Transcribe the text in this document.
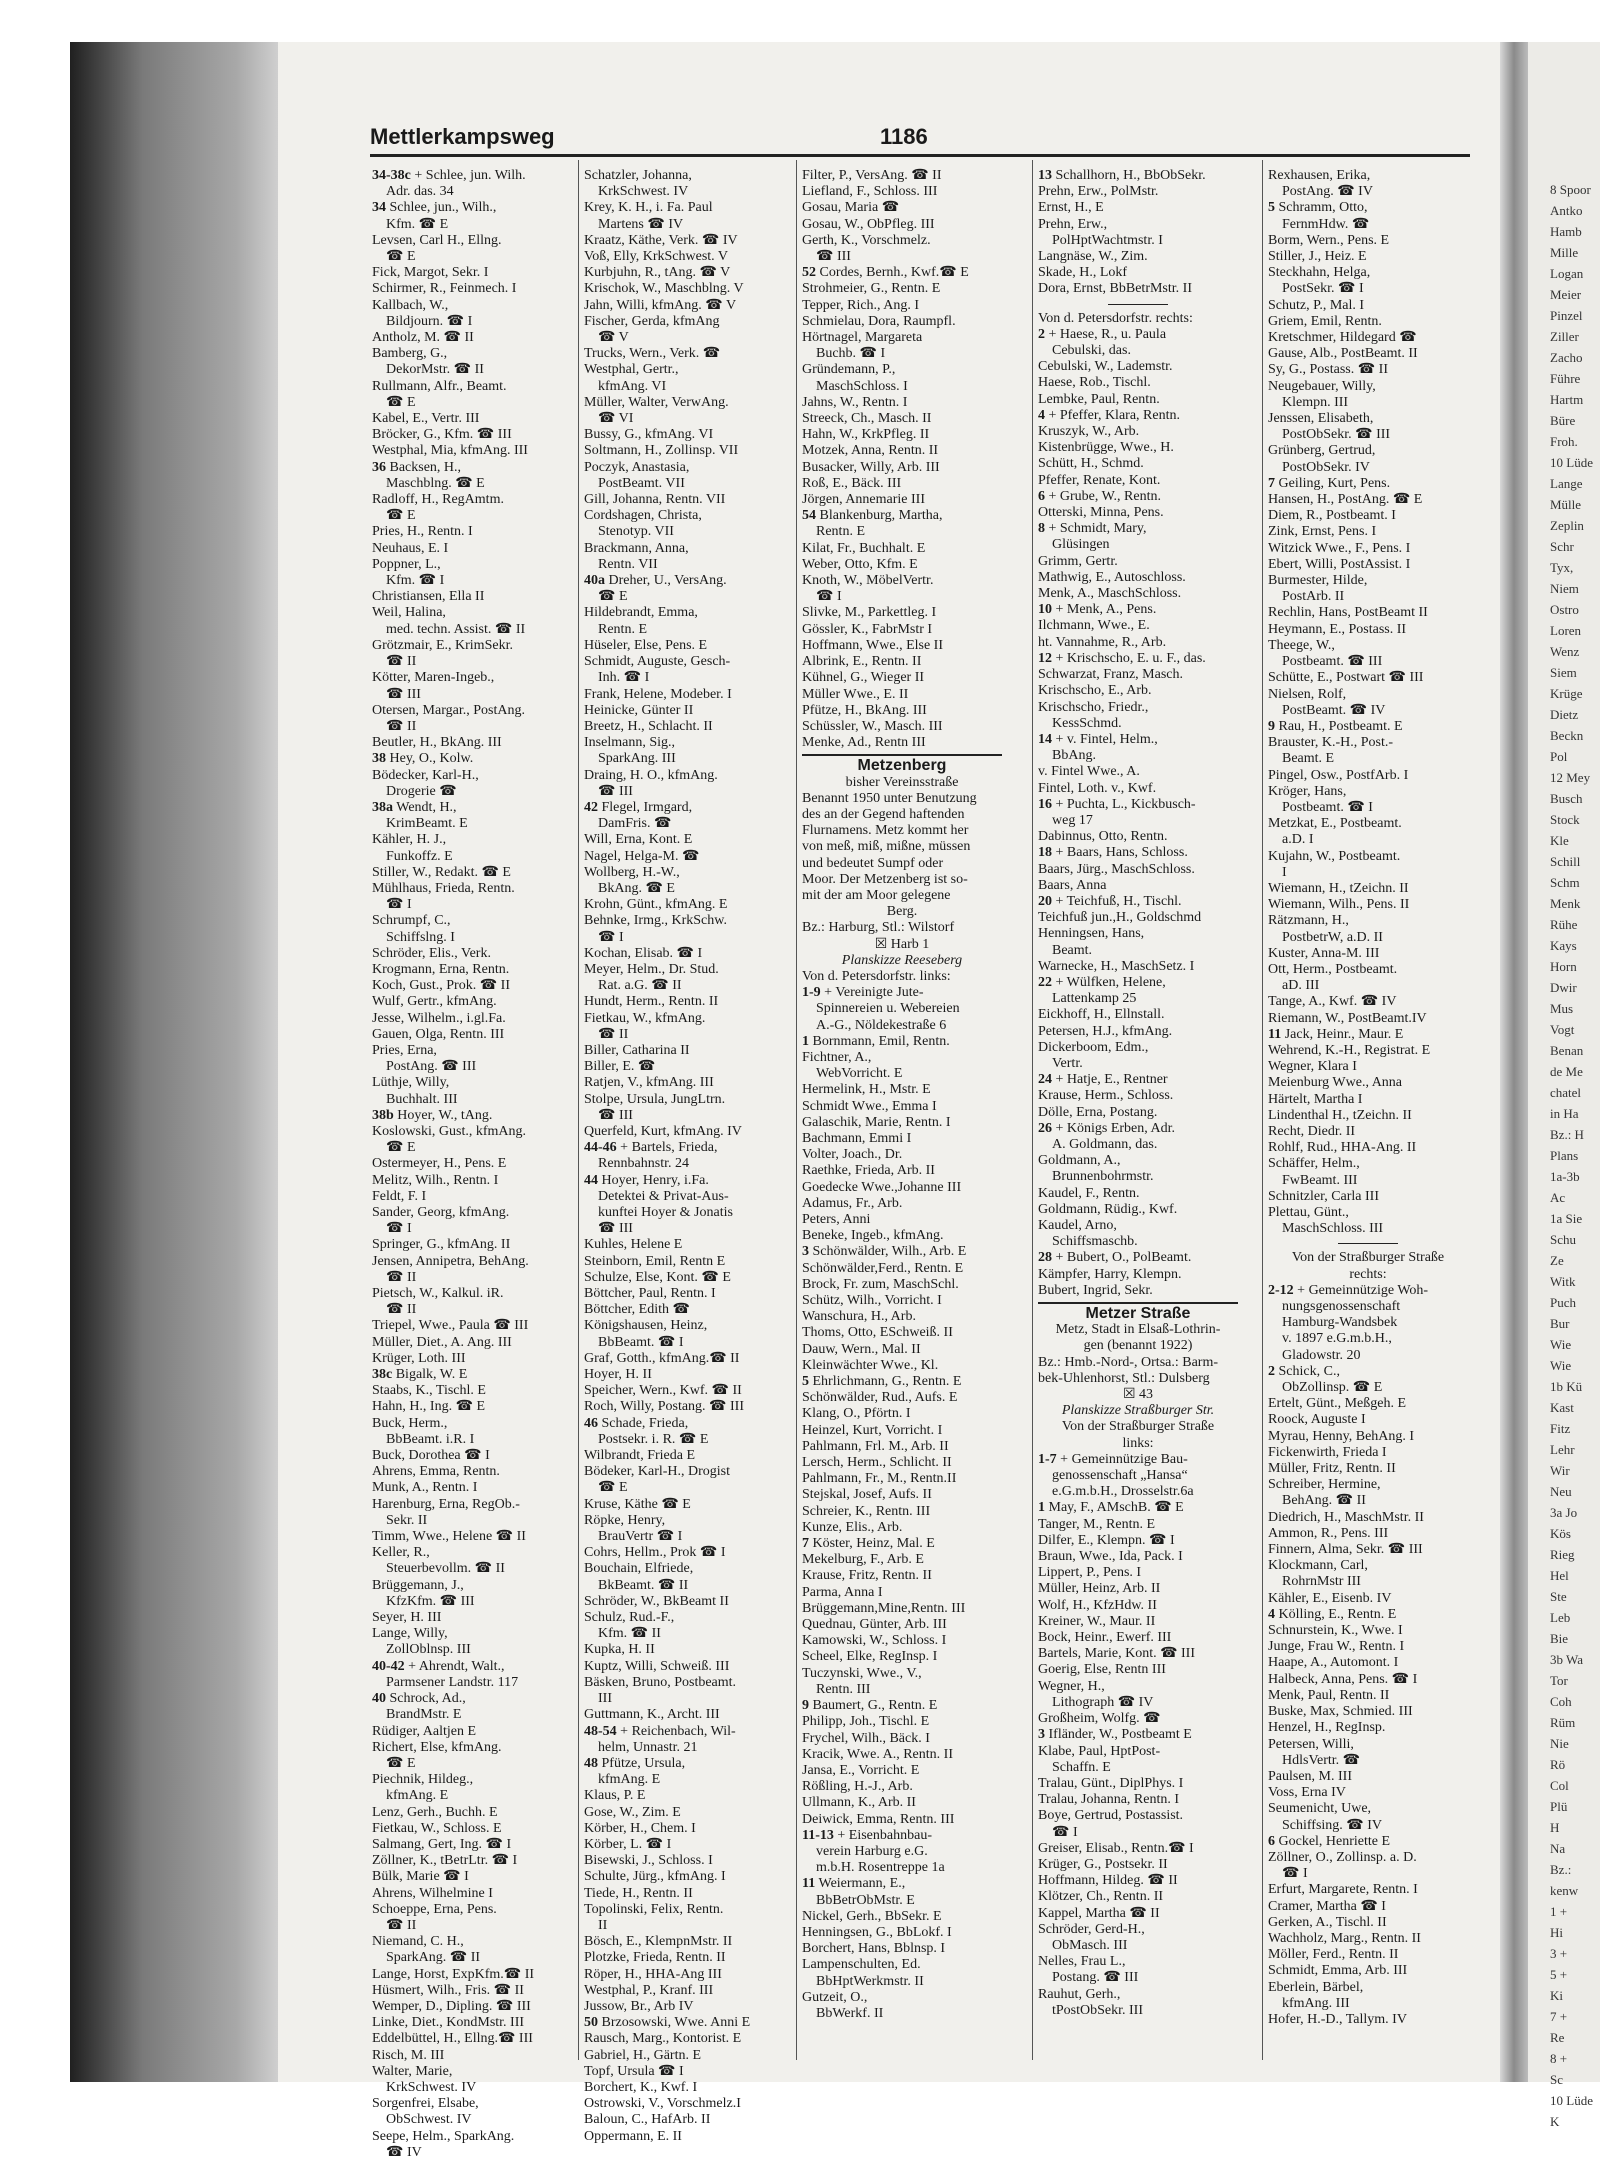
8 Spoor
Antko
Hamb
Mille
Logan
Meier
Pinzel
Ziller
Zacho
Führe
Hartm
Büre
Froh.
10 Lüde
Lange
Mülle
Zeplin
Schr
Tyx,
Niem
Ostro
Loren
Wenz
Siem
Krüge
Dietz
Beckn
Pol
12 Mey
Busch
Stock
Kle
Schill
Schm
Menk
Rühe
Kays
Horn
Dwir
Mus
Vogt
Benan
de Me
chatel
in Ha
Bz.: H
Plans
1a-3b
Ac
1a Sie
Schu
Ze
Witk
Puch
Bur
Wie
Wie
1b Kü
Kast
Fitz
Lehr
Wir
Neu
3a Jo
Kös
Rieg
Hel
Ste
Leb
Bie
3b Wa
Tor
Coh
Rüm
Nie
Rö
Col
Plü
H
Na
Bz.:
kenw
1 +
Hi
3 +
5 +
Ki
7 +
Re
8 +
Sc
10 Lüde
K
Mettlerkampsweg	1186
34-38c + Schlee, jun. Wilh.
 Adr. das. 34
34 Schlee, jun., Wilh.,
 Kfm. ☎ E
Levsen, Carl H., Ellng.
 ☎ E
Fick, Margot, Sekr. I
Schirmer, R., Feinmech. I
Kallbach, W.,
 Bildjourn. ☎ I
Antholz, M. ☎ II
Bamberg, G.,
 DekorMstr. ☎ II
Rullmann, Alfr., Beamt.
 ☎ E
Kabel, E., Vertr. III
Bröcker, G., Kfm. ☎ III
Westphal, Mia, kfmAng. III
36 Backsen, H.,
 Maschblng. ☎ E
Radloff, H., RegAmtm.
 ☎ E
Pries, H., Rentn. I
Neuhaus, E. I
Poppner, L.,
 Kfm. ☎ I
Christiansen, Ella II
Weil, Halina,
 med. techn. Assist. ☎ II
Grötzmair, E., KrimSekr.
 ☎ II
Kötter, Maren-Ingeb.,
 ☎ III
Otersen, Margar., PostAng.
 ☎ II
Beutler, H., BkAng. III
38 Hey, O., Kolw.
Bödecker, Karl-H.,
 Drogerie ☎
38a Wendt, H.,
 KrimBeamt. E
Kähler, H. J.,
 Funkoffz. E
Stiller, W., Redakt. ☎ E
Mühlhaus, Frieda, Rentn.
 ☎ I
Schrumpf, C.,
 Schiffslng. I
Schröder, Elis., Verk.
Krogmann, Erna, Rentn.
Koch, Gust., Prok. ☎ II
Wulf, Gertr., kfmAng.
Jesse, Wilhelm., i.gl.Fa.
Gauen, Olga, Rentn. III
Pries, Erna,
 PostAng. ☎ III
Lüthje, Willy,
 Buchhalt. III
38b Hoyer, W., tAng.
Koslowski, Gust., kfmAng.
 ☎ E
Ostermeyer, H., Pens. E
Melitz, Wilh., Rentn. I
Feldt, F. I
Sander, Georg, kfmAng.
 ☎ I
Springer, G., kfmAng. II
Jensen, Annipetra, BehAng.
 ☎ II
Pietsch, W., Kalkul. iR.
 ☎ II
Triepel, Wwe., Paula ☎ III
Müller, Diet., A. Ang. III
Krüger, Loth. III
38c Bigalk, W. E
Staabs, K., Tischl. E
Hahn, H., Ing. ☎ E
Buck, Herm.,
 BbBeamt. i.R. I
Buck, Dorothea ☎ I
Ahrens, Emma, Rentn.
Munk, A., Rentn. I
Harenburg, Erna, RegOb.-
 Sekr. II
Timm, Wwe., Helene ☎ II
Keller, R.,
 Steuerbevollm. ☎ II
Brüggemann, J.,
 KfzKfm. ☎ III
Seyer, H. III
Lange, Willy,
 ZollOblnsp. III
40-42 + Ahrendt, Walt.,
 Parmsener Landstr. 117
40 Schrock, Ad.,
 BrandMstr. E
Rüdiger, Aaltjen E
Richert, Else, kfmAng.
 ☎ E
Piechnik, Hildeg.,
 kfmAng. E
Lenz, Gerh., Buchh. E
Fietkau, W., Schloss. E
Salmang, Gert, Ing. ☎ I
Zöllner, K., tBetrLtr. ☎ I
Bülk, Marie ☎ I
Ahrens, Wilhelmine I
Schoeppe, Erna, Pens.
 ☎ II
Niemand, C. H.,
 SparkAng. ☎ II
Lange, Horst, ExpKfm.☎ II
Hüsmert, Wilh., Fris. ☎ II
Wemper, D., Dipling. ☎ III
Linke, Diet., KondMstr. III
Eddelbüttel, H., Ellng.☎ III
Risch, M. III
Walter, Marie,
 KrkSchwest. IV
Sorgenfrei, Elsabe,
 ObSchwest. IV
Seepe, Helm., SparkAng.
 ☎ IV
Schatzler, Johanna,
 KrkSchwest. IV
Krey, K. H., i. Fa. Paul
 Martens ☎ IV
Kraatz, Käthe, Verk. ☎ IV
Voß, Elly, KrkSchwest. V
Kurbjuhn, R., tAng. ☎ V
Krischok, W., Maschblng. V
Jahn, Willi, kfmAng. ☎ V
Fischer, Gerda, kfmAng
 ☎ V
Trucks, Wern., Verk. ☎
Westphal, Gertr.,
 kfmAng. VI
Müller, Walter, VerwAng.
 ☎ VI
Bussy, G., kfmAng. VI
Soltmann, H., Zollinsp. VII
Poczyk, Anastasia,
 PostBeamt. VII
Gill, Johanna, Rentn. VII
Cordshagen, Christa,
 Stenotyp. VII
Brackmann, Anna,
 Rentn. VII
40a Dreher, U., VersAng.
 ☎ E
Hildebrandt, Emma,
 Rentn. E
Hüseler, Else, Pens. E
Schmidt, Auguste, Gesch-
 Inh. ☎ I
Frank, Helene, Modeber. I
Heinicke, Günter II
Breetz, H., Schlacht. II
Inselmann, Sig.,
 SparkAng. III
Draing, H. O., kfmAng.
 ☎ III
42 Flegel, Irmgard,
 DamFris. ☎
Will, Erna, Kont. E
Nagel, Helga-M. ☎
Wollberg, H.-W.,
 BkAng. ☎ E
Krohn, Günt., kfmAng. E
Behnke, Irmg., KrkSchw.
 ☎ I
Kochan, Elisab. ☎ I
Meyer, Helm., Dr. Stud.
 Rat. a.G. ☎ II
Hundt, Herm., Rentn. II
Fietkau, W., kfmAng.
 ☎ II
Biller, Catharina II
Biller, E. ☎
Ratjen, V., kfmAng. III
Stolpe, Ursula, JungLtrn.
 ☎ III
Querfeld, Kurt, kfmAng. IV
44-46 + Bartels, Frieda,
 Rennbahnstr. 24
44 Hoyer, Henry, i.Fa.
 Detektei & Privat-Aus-
 kunftei Hoyer & Jonatis
 ☎ III
Kuhles, Helene E
Steinborn, Emil, Rentn E
Schulze, Else, Kont. ☎ E
Böttcher, Paul, Rentn. I
Böttcher, Edith ☎
Königshausen, Heinz,
 BbBeamt. ☎ I
Graf, Gotth., kfmAng.☎ II
Hoyer, H. II
Speicher, Wern., Kwf. ☎ II
Roch, Willy, Postang. ☎ III
46 Schade, Frieda,
 Postsekr. i. R. ☎ E
Wilbrandt, Frieda E
Bödeker, Karl-H., Drogist
 ☎ E
Kruse, Käthe ☎ E
Röpke, Henry,
 BrauVertr ☎ I
Cohrs, Hellm., Prok ☎ I
Bouchain, Elfriede,
 BkBeamt. ☎ II
Schröder, W., BkBeamt II
Schulz, Rud.-F.,
 Kfm. ☎ II
Kupka, H. II
Kuptz, Willi, Schweiß. III
Bäsken, Bruno, Postbeamt.
 III
Guttmann, K., Archt. III
48-54 + Reichenbach, Wil-
 helm, Unnastr. 21
48 Pfütze, Ursula,
 kfmAng. E
Klaus, P. E
Gose, W., Zim. E
Körber, H., Chem. I
Körber, L. ☎ I
Bisewski, J., Schloss. I
Schulte, Jürg., kfmAng. I
Tiede, H., Rentn. II
Topolinski, Felix, Rentn.
 II
Bösch, E., KlempnMstr. II
Plotzke, Frieda, Rentn. II
Röper, H., HHA-Ang III
Westphal, P., Kranf. III
Jussow, Br., Arb IV
50 Brzosowski, Wwe. Anni E
Rausch, Marg., Kontorist. E
Gabriel, H., Gärtn. E
Topf, Ursula ☎ I
Borchert, K., Kwf. I
Ostrowski, V., Vorschmelz.I
Baloun, C., HafArb. II
Oppermann, E. II
Filter, P., VersAng. ☎ II
Liefland, F., Schloss. III
Gosau, Maria ☎
Gosau, W., ObPfleg. III
Gerth, K., Vorschmelz.
 ☎ III
52 Cordes, Bernh., Kwf.☎ E
Strohmeier, G., Rentn. E
Tepper, Rich., Ang. I
Schmielau, Dora, Raumpfl.
Hörtnagel, Margareta
 Buchb. ☎ I
Gründemann, P.,
 MaschSchloss. I
Jahns, W., Rentn. I
Streeck, Ch., Masch. II
Hahn, W., KrkPfleg. II
Motzek, Anna, Rentn. II
Busacker, Willy, Arb. III
Roß, E., Bäck. III
Jörgen, Annemarie III
54 Blankenburg, Martha,
 Rentn. E
Kilat, Fr., Buchhalt. E
Weber, Otto, Kfm. E
Knoth, W., MöbelVertr.
 ☎ I
Slivke, M., Parkettleg. I
Gössler, K., FabrMstr I
Hoffmann, Wwe., Else II
Albrink, E., Rentn. II
Kühnel, G., Wieger II
Müller Wwe., E. II
Pfütze, H., BkAng. III
Schüssler, W., Masch. III
Menke, Ad., Rentn III
Metzenberg
bisher Vereinsstraße
Benannt 1950 unter Benutzung
des an der Gegend haftenden
Flurnamens. Metz kommt her
von meß, miß, mißne, müssen
und bedeutet Sumpf oder
Moor. Der Metzenberg ist so-
mit der am Moor gelegene
Berg.
Bz.: Harburg, Stl.: Wilstorf
☒ Harb 1
Planskizze Reeseberg
Von d. Petersdorfstr. links:
1-9 + Vereinigte Jute-
 Spinnereien u. Webereien
 A.-G., Nöldekestraße 6
1 Bornmann, Emil, Rentn.
Fichtner, A.,
 WebVorricht. E
Hermelink, H., Mstr. E
Schmidt Wwe., Emma I
Galaschik, Marie, Rentn. I
Bachmann, Emmi I
Volter, Joach., Dr.
Raethke, Frieda, Arb. II
Goedecke Wwe.,Johanne III
Adamus, Fr., Arb.
Peters, Anni
Beneke, Ingeb., kfmAng.
3 Schönwälder, Wilh., Arb. E
Schönwälder,Ferd., Rentn. E
Brock, Fr. zum, MaschSchl.
Schütz, Wilh., Vorricht. I
Wanschura, H., Arb.
Thoms, Otto, ESchweiß. II
Dauw, Wern., Mal. II
Kleinwächter Wwe., Kl.
5 Ehrlichmann, G., Rentn. E
Schönwälder, Rud., Aufs. E
Klang, O., Pförtn. I
Heinzel, Kurt, Vorricht. I
Pahlmann, Frl. M., Arb. II
Lersch, Herm., Schlicht. II
Pahlmann, Fr., M., Rentn.II
Stejskal, Josef, Aufs. II
Schreier, K., Rentn. III
Kunze, Elis., Arb.
7 Köster, Heinz, Mal. E
Mekelburg, F., Arb. E
Krause, Fritz, Rentn. II
Parma, Anna I
Brüggemann,Mine,Rentn. III
Quednau, Günter, Arb. III
Kamowski, W., Schloss. I
Scheel, Elke, RegInsp. I
Tuczynski, Wwe., V.,
 Rentn. III
9 Baumert, G., Rentn. E
Philipp, Joh., Tischl. E
Frychel, Wilh., Bäck. I
Kracik, Wwe. A., Rentn. II
Jansa, E., Vorricht. E
Rößling, H.-J., Arb.
Ullmann, K., Arb. II
Deiwick, Emma, Rentn. III
11-13 + Eisenbahnbau-
 verein Harburg e.G.
 m.b.H. Rosentreppe 1a
11 Weiermann, E.,
 BbBetrObMstr. E
Nickel, Gerh., BbSekr. E
Henningsen, G., BbLokf. I
Borchert, Hans, Bblnsp. I
Lampenschulten, Ed.
 BbHptWerkmstr. II
Gutzeit, O.,
 BbWerkf. II
13 Schallhorn, H., BbObSekr.
Prehn, Erw., PolMstr.
Ernst, H., E
Prehn, Erw.,
 PolHptWachtmstr. I
Langnäse, W., Zim.
Skade, H., Lokf
Dora, Ernst, BbBetrMstr. II
Von d. Petersdorfstr. rechts:
2 + Haese, R., u. Paula
 Cebulski, das.
Cebulski, W., Lademstr.
Haese, Rob., Tischl.
Lembke, Paul, Rentn.
4 + Pfeffer, Klara, Rentn.
Kruszyk, W., Arb.
Kistenbrügge, Wwe., H.
Schütt, H., Schmd.
Pfeffer, Renate, Kont.
6 + Grube, W., Rentn.
Otterski, Minna, Pens.
8 + Schmidt, Mary,
 Glüsingen
Grimm, Gertr.
Mathwig, E., Autoschloss.
Menk, A., MaschSchloss.
10 + Menk, A., Pens.
Ilchmann, Wwe., E.
ht. Vannahme, R., Arb.
12 + Krischscho, E. u. F., das.
Schwarzat, Franz, Masch.
Krischscho, E., Arb.
Krischscho, Friedr.,
 KessSchmd.
14 + v. Fintel, Helm.,
 BbAng.
v. Fintel Wwe., A.
Fintel, Loth. v., Kwf.
16 + Puchta, L., Kickbusch-
 weg 17
Dabinnus, Otto, Rentn.
18 + Baars, Hans, Schloss.
Baars, Jürg., MaschSchloss.
Baars, Anna
20 + Teichfuß, H., Tischl.
Teichfuß jun.,H., Goldschmd
Henningsen, Hans,
 Beamt.
Warnecke, H., MaschSetz. I
22 + Wülfken, Helene,
 Lattenkamp 25
Eickhoff, H., Ellnstall.
Petersen, H.J., kfmAng.
Dickerboom, Edm.,
 Vertr.
24 + Hatje, E., Rentner
Krause, Herm., Schloss.
Dölle, Erna, Postang.
26 + Königs Erben, Adr.
 A. Goldmann, das.
Goldmann, A.,
 Brunnenbohrmstr.
Kaudel, F., Rentn.
Goldmann, Rüdig., Kwf.
Kaudel, Arno,
 Schiffsmaschb.
28 + Bubert, O., PolBeamt.
Kämpfer, Harry, Klempn.
Bubert, Ingrid, Sekr.
Metzer Straße
Metz, Stadt in Elsaß-Lothrin-
gen (benannt 1922)
Bz.: Hmb.-Nord-, Ortsa.: Barm-
bek-Uhlenhorst, Stl.: Dulsberg
☒ 43
Planskizze Straßburger Str.
Von der Straßburger Straße
links:
1-7 + Gemeinnützige Bau-
 genossenschaft „Hansa“
 e.G.m.b.H., Drosselstr.6a
1 May, F., AMschB. ☎ E
Tanger, M., Rentn. E
Dilfer, E., Klempn. ☎ I
Braun, Wwe., Ida, Pack. I
Lippert, P., Pens. I
Müller, Heinz, Arb. II
Wolf, H., KfzHdw. II
Kreiner, W., Maur. II
Bock, Heinr., Ewerf. III
Bartels, Marie, Kont. ☎ III
Goerig, Else, Rentn III
Wegner, H.,
 Lithograph ☎ IV
Großheim, Wolfg. ☎
3 Ifländer, W., Postbeamt E
Klabe, Paul, HptPost-
 Schaffn. E
Tralau, Günt., DiplPhys. I
Tralau, Johanna, Rentn. I
Boye, Gertrud, Postassist.
 ☎ I
Greiser, Elisab., Rentn.☎ I
Krüger, G., Postsekr. II
Hoffmann, Hildeg. ☎ II
Klötzer, Ch., Rentn. II
Kappel, Martha ☎ II
Schröder, Gerd-H.,
 ObMasch. III
Nelles, Frau L.,
 Postang. ☎ III
Rauhut, Gerh.,
 tPostObSekr. III
Rexhausen, Erika,
 PostAng. ☎ IV
5 Schramm, Otto,
 FernmHdw. ☎
Borm, Wern., Pens. E
Stiller, J., Heiz. E
Steckhahn, Helga,
 PostSekr. ☎ I
Schutz, P., Mal. I
Griem, Emil, Rentn.
Kretschmer, Hildegard ☎
Gause, Alb., PostBeamt. II
Sy, G., Postass. ☎ II
Neugebauer, Willy,
 Klempn. III
Jenssen, Elisabeth,
 PostObSekr. ☎ III
Grünberg, Gertrud,
 PostObSekr. IV
7 Geiling, Kurt, Pens.
Hansen, H., PostAng. ☎ E
Diem, R., Postbeamt. I
Zink, Ernst, Pens. I
Witzick Wwe., F., Pens. I
Ebert, Willi, PostAssist. I
Burmester, Hilde,
 PostArb. II
Rechlin, Hans, PostBeamt II
Heymann, E., Postass. II
Theege, W.,
 Postbeamt. ☎ III
Schütte, E., Postwart ☎ III
Nielsen, Rolf,
 PostBeamt. ☎ IV
9 Rau, H., Postbeamt. E
Brauster, K.-H., Post.-
 Beamt. E
Pingel, Osw., PostfArb. I
Kröger, Hans,
 Postbeamt. ☎ I
Metzkat, E., Postbeamt.
 a.D. I
Kujahn, W., Postbeamt.
 I
Wiemann, H., tZeichn. II
Wiemann, Wilh., Pens. II
Rätzmann, H.,
 PostbetrW, a.D. II
Kuster, Anna-M. III
Ott, Herm., Postbeamt.
 aD. III
Tange, A., Kwf. ☎ IV
Riemann, W., PostBeamt.IV
11 Jack, Heinr., Maur. E
Wehrend, K.-H., Registrat. E
Wegner, Klara I
Meienburg Wwe., Anna
Härtelt, Martha I
Lindenthal H., tZeichn. II
Recht, Diedr. II
Rohlf, Rud., HHA-Ang. II
Schäffer, Helm.,
 FwBeamt. III
Schnitzler, Carla III
Plettau, Günt.,
 MaschSchloss. III
Von der Straßburger Straße
rechts:
2-12 + Gemeinnützige Woh-
 nungsgenossenschaft
 Hamburg-Wandsbek
 v. 1897 e.G.m.b.H.,
 Gladowstr. 20
2 Schick, C.,
 ObZollinsp. ☎ E
Ertelt, Günt., Meßgeh. E
Roock, Auguste I
Myrau, Henny, BehAng. I
Fickenwirth, Frieda I
Müller, Fritz, Rentn. II
Schreiber, Hermine,
 BehAng. ☎ II
Diedrich, H., MaschMstr. II
Ammon, R., Pens. III
Finnern, Alma, Sekr. ☎ III
Klockmann, Carl,
 RohrnMstr III
Kähler, E., Eisenb. IV
4 Kölling, E., Rentn. E
Schnurstein, K., Wwe. I
Junge, Frau W., Rentn. I
Haape, A., Automont. I
Halbeck, Anna, Pens. ☎ I
Menk, Paul, Rentn. II
Buske, Max, Schmied. III
Henzel, H., RegInsp.
Petersen, Willi,
 HdlsVertr. ☎
Paulsen, M. III
Voss, Erna IV
Seumenicht, Uwe,
 Schiffsing. ☎ IV
6 Gockel, Henriette E
Zöllner, O., Zollinsp. a. D.
 ☎ I
Erfurt, Margarete, Rentn. I
Cramer, Martha ☎ I
Gerken, A., Tischl. II
Wachholz, Marg., Rentn. II
Möller, Ferd., Rentn. II
Schmidt, Emma, Arb. III
Eberlein, Bärbel,
 kfmAng. III
Hofer, H.-D., Tallym. IV
